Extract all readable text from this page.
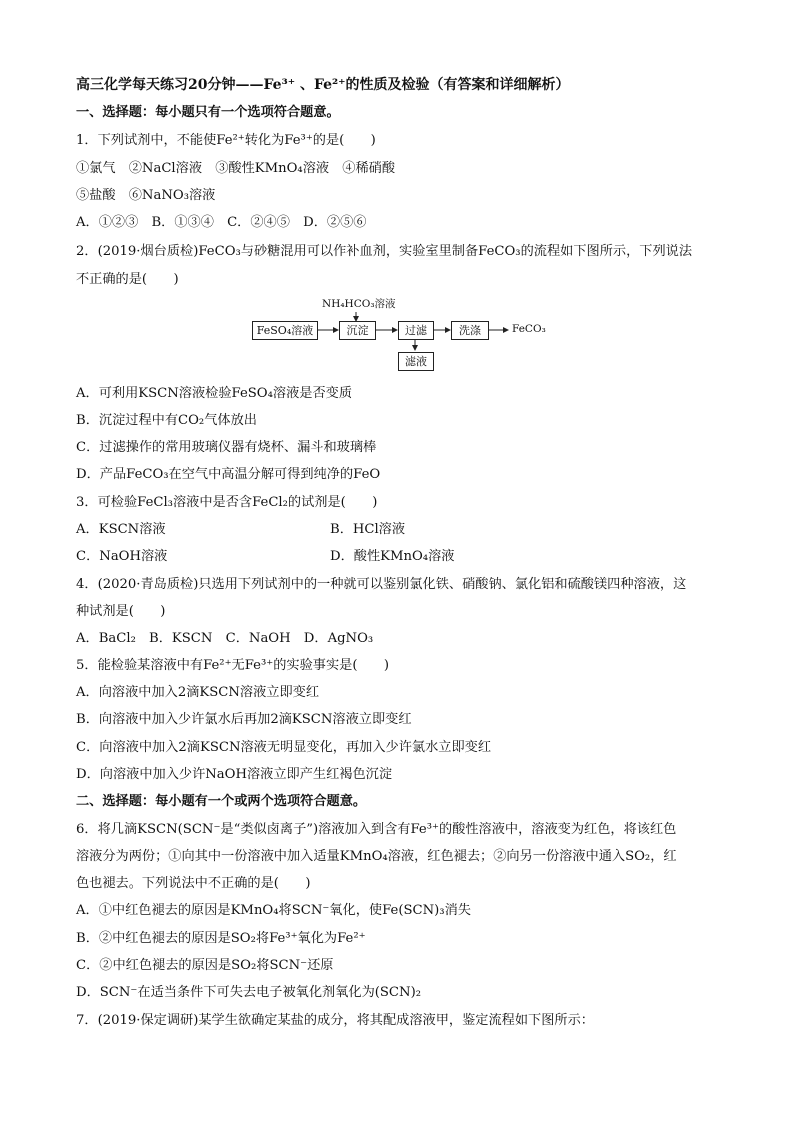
高三化学每天练习20分钟——Fe³⁺ 、Fe²⁺的性质及检验（有答案和详细解析）
一、选择题：每小题只有一个选项符合题意。
1．下列试剂中，不能使Fe²⁺转化为Fe³⁺的是(　　)
①氯气　②NaCl溶液　③酸性KMnO₄溶液　④稀硝酸
⑤盐酸　⑥NaNO₃溶液
A．①②③　B．①③④　C．②④⑤　D．②⑤⑥
2．(2019·烟台质检)FeCO₃与砂糖混用可以作补血剂，实验室里制备FeCO₃的流程如下图所示，下列说法
不正确的是(　　)
NH₄HCO₃溶液
FeSO₄溶液	沉淀	过滤	洗涤	FeCO₃
滤液
A．可利用KSCN溶液检验FeSO₄溶液是否变质
B．沉淀过程中有CO₂气体放出
C．过滤操作的常用玻璃仪器有烧杯、漏斗和玻璃棒
D．产品FeCO₃在空气中高温分解可得到纯净的FeO
3．可检验FeCl₃溶液中是否含FeCl₂的试剂是(　　)
A．KSCN溶液	B．HCl溶液
C．NaOH溶液	D．酸性KMnO₄溶液
4．(2020·青岛质检)只选用下列试剂中的一种就可以鉴别氯化铁、硝酸钠、氯化铝和硫酸镁四种溶液，这
种试剂是(　　)
A．BaCl₂　B．KSCN　C．NaOH　D．AgNO₃
5．能检验某溶液中有Fe²⁺无Fe³⁺的实验事实是(　　)
A．向溶液中加入2滴KSCN溶液立即变红
B．向溶液中加入少许氯水后再加2滴KSCN溶液立即变红
C．向溶液中加入2滴KSCN溶液无明显变化，再加入少许氯水立即变红
D．向溶液中加入少许NaOH溶液立即产生红褐色沉淀
二、选择题：每小题有一个或两个选项符合题意。
6．将几滴KSCN(SCN⁻是“类似卤离子”)溶液加入到含有Fe³⁺的酸性溶液中，溶液变为红色，将该红色
溶液分为两份；①向其中一份溶液中加入适量KMnO₄溶液，红色褪去；②向另一份溶液中通入SO₂，红
色也褪去。下列说法中不正确的是(　　)
A．①中红色褪去的原因是KMnO₄将SCN⁻氧化，使Fe(SCN)₃消失
B．②中红色褪去的原因是SO₂将Fe³⁺氧化为Fe²⁺
C．②中红色褪去的原因是SO₂将SCN⁻还原
D．SCN⁻在适当条件下可失去电子被氧化剂氧化为(SCN)₂
7．(2019·保定调研)某学生欲确定某盐的成分，将其配成溶液甲，鉴定流程如下图所示：
